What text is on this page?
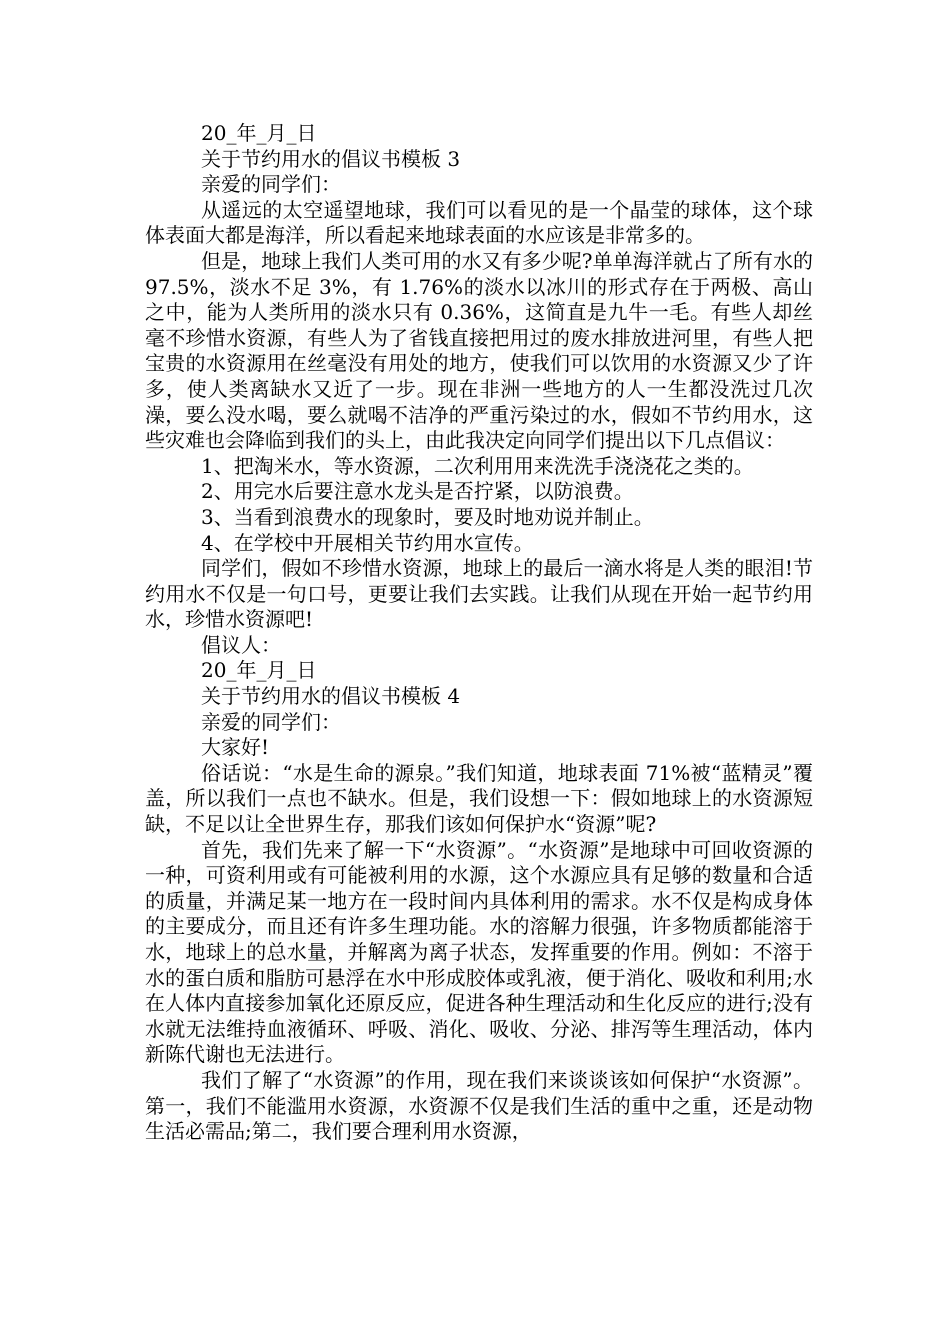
20_年_月_日

关于节约用水的倡议书模板 3

亲爱的同学们：

从遥远的太空遥望地球，我们可以看见的是一个晶莹的球体，这个球体表面大都是海洋，所以看起来地球表面的水应该是非常多的。

但是，地球上我们人类可用的水又有多少呢?单单海洋就占了所有水的 97.5%，淡水不足 3%，有 1.76%的淡水以冰川的形式存在于两极、高山之中，能为人类所用的淡水只有 0.36%，这简直是九牛一毛。有些人却丝毫不珍惜水资源，有些人为了省钱直接把用过的废水排放进河里，有些人把宝贵的水资源用在丝毫没有用处的地方，使我们可以饮用的水资源又少了许多，使人类离缺水又近了一步。现在非洲一些地方的人一生都没洗过几次澡，要么没水喝，要么就喝不洁净的严重污染过的水，假如不节约用水，这些灾难也会降临到我们的头上，由此我决定向同学们提出以下几点倡议：

1、把淘米水，等水资源，二次利用用来洗洗手浇浇花之类的。

2、用完水后要注意水龙头是否拧紧，以防浪费。

3、当看到浪费水的现象时，要及时地劝说并制止。

4、在学校中开展相关节约用水宣传。

同学们，假如不珍惜水资源，地球上的最后一滴水将是人类的眼泪!节约用水不仅是一句口号，更要让我们去实践。让我们从现在开始一起节约用水，珍惜水资源吧!

倡议人：

20_年_月_日

关于节约用水的倡议书模板 4

亲爱的同学们：

大家好!

俗话说：“水是生命的源泉。”我们知道，地球表面 71%被“蓝精灵”覆盖，所以我们一点也不缺水。但是，我们设想一下：假如地球上的水资源短缺，不足以让全世界生存，那我们该如何保护水“资源”呢?

首先，我们先来了解一下“水资源”。“水资源”是地球中可回收资源的一种，可资利用或有可能被利用的水源，这个水源应具有足够的数量和合适的质量，并满足某一地方在一段时间内具体利用的需求。水不仅是构成身体的主要成分，而且还有许多生理功能。水的溶解力很强，许多物质都能溶于水，地球上的总水量，并解离为离子状态，发挥重要的作用。例如：不溶于水的蛋白质和脂肪可悬浮在水中形成胶体或乳液，便于消化、吸收和利用;水在人体内直接参加氧化还原反应，促进各种生理活动和生化反应的进行;没有水就无法维持血液循环、呼吸、消化、吸收、分泌、排泻等生理活动，体内新陈代谢也无法进行。

我们了解了“水资源”的作用，现在我们来谈谈该如何保护“水资源”。第一，我们不能滥用水资源，水资源不仅是我们生活的重中之重，还是动物生活必需品;第二，我们要合理利用水资源，
